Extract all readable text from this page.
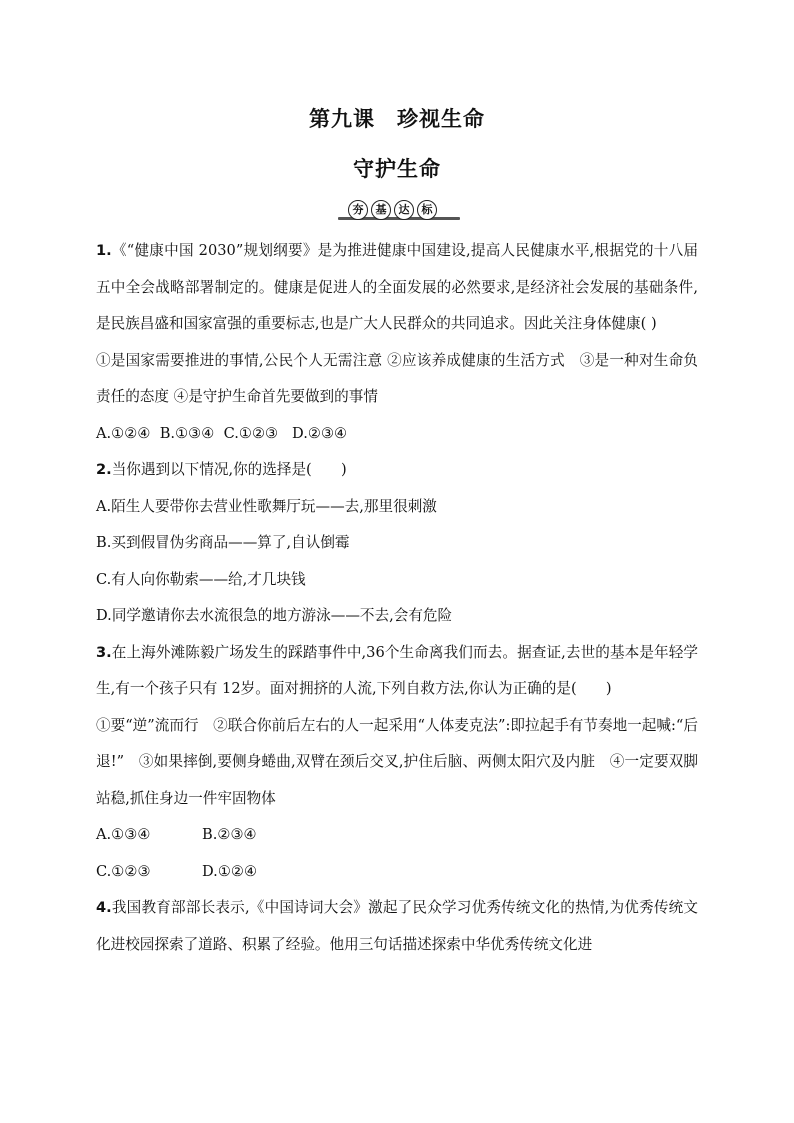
第九课　珍视生命
守护生命
夯	基	达	标

1.《“健康中国 2030”规划纲要》是为推进健康中国建设,提高人民健康水平,根据党的十八届五中全会战略部署制定的。健康是促进人的全面发展的必然要求,是经济社会发展的基础条件,是民族昌盛和国家富强的重要标志,也是广大人民群众的共同追求。因此关注身体健康( )

①是国家需要推进的事情,公民个人无需注意 ②应该养成健康的生活方式　③是一种对生命负责任的态度 ④是守护生命首先要做到的事情

A.①②④  B.①③④  C.①②③   D.②③④

2.当你遇到以下情况,你的选择是(　　)

A.陌生人要带你去营业性歌舞厅玩——去,那里很刺激

B.买到假冒伪劣商品——算了,自认倒霉

C.有人向你勒索——给,才几块钱

D.同学邀请你去水流很急的地方游泳——不去,会有危险

3.在上海外滩陈毅广场发生的踩踏事件中,36个生命离我们而去。据查证,去世的基本是年轻学生,有一个孩子只有 12岁。面对拥挤的人流,下列自救方法,你认为正确的是(　　)

①要“逆”流而行　②联合你前后左右的人一起采用“人体麦克法”:即拉起手有节奏地一起喊:“后退!”　③如果摔倒,要侧身蜷曲,双臂在颈后交叉,护住后脑、两侧太阳穴及内脏　④一定要双脚站稳,抓住身边一件牢固物体

A.①③④	B.②③④
C.①②③	D.①②④

4.我国教育部部长表示,《中国诗词大会》激起了民众学习优秀传统文化的热情,为优秀传统文化进校园探索了道路、积累了经验。他用三句话描述探索中华优秀传统文化进
